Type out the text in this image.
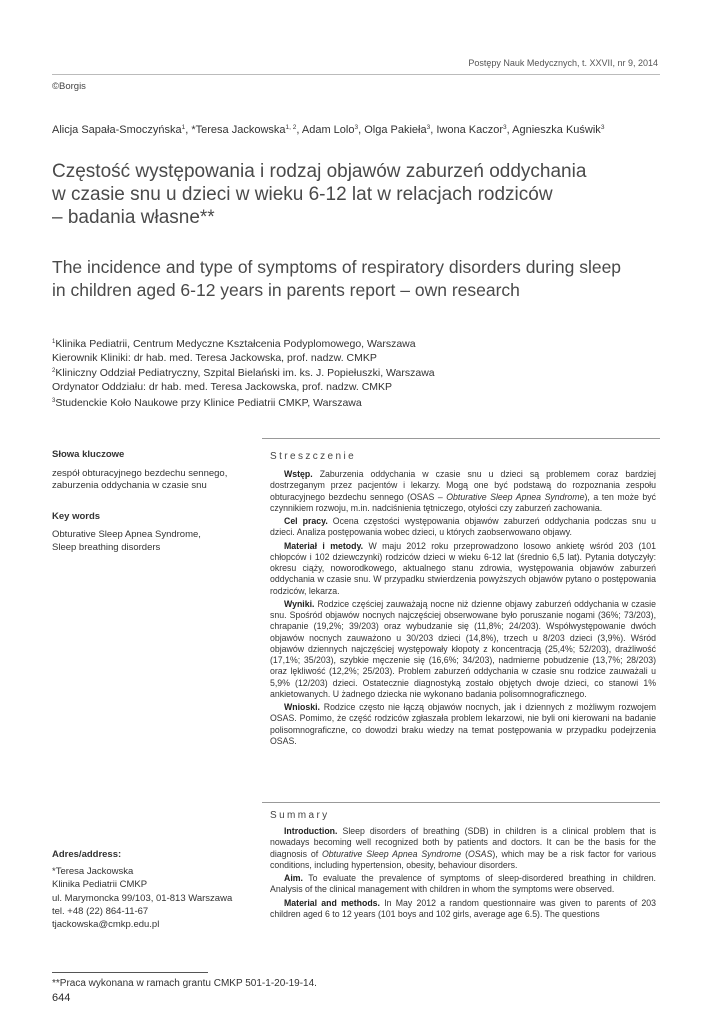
Postępy Nauk Medycznych, t. XXVII, nr 9, 2014
©Borgis
Alicja Sapała-Smoczyńska$^1$, *Teresa Jackowska$^{1, 2}$, Adam Lolo$^3$, Olga Pakieła$^3$, Iwona Kaczor$^3$, Agnieszka Kuświk$^3$
Częstość występowania i rodzaj objawów zaburzeń oddychania
w czasie snu u dzieci w wieku 6-12 lat w relacjach rodziców
– badania własne**
The incidence and type of symptoms of respiratory disorders during sleep
in children aged 6-12 years in parents report – own research
$^1$Klinika Pediatrii, Centrum Medyczne Kształcenia Podyplomowego, Warszawa
Kierownik Kliniki: dr hab. med. Teresa Jackowska, prof. nadzw. CMKP
$^2$Kliniczny Oddział Pediatryczny, Szpital Bielański im. ks. J. Popiełuszki, Warszawa
Ordynator Oddziału: dr hab. med. Teresa Jackowska, prof. nadzw. CMKP
$^3$Studenckie Koło Naukowe przy Klinice Pediatrii CMKP, Warszawa
Słowa kluczowe
zespół obturacyjnego bezdechu sennego,
zaburzenia oddychania w czasie snu
Key words
Obturative Sleep Apnea Syndrome,
Sleep breathing disorders
Adres/address:
*Teresa Jackowska
Klinika Pediatrii CMKP
ul. Marymoncka 99/103, 01-813 Warszawa
tel. +48 (22) 864-11-67
tjackowska@cmkp.edu.pl
Streszczenie

Wstęp. Zaburzenia oddychania w czasie snu u dzieci są problemem coraz bardziej dostrzeganym przez pacjentów i lekarzy. Mogą one być podstawą do rozpoznania zespołu obturacyjnego bezdechu sennego (OSAS – Obturative Sleep Apnea Syndrome), a ten może być czynnikiem rozwoju, m.in. nadciśnienia tętniczego, otyłości czy zaburzeń zachowania.

Cel pracy. Ocena częstości występowania objawów zaburzeń oddychania podczas snu u dzieci. Analiza postępowania wobec dzieci, u których zaobserwowano objawy.

Materiał i metody. W maju 2012 roku przeprowadzono losowo ankietę wśród 203 (101 chłopców i 102 dziewczynki) rodziców dzieci w wieku 6-12 lat (średnio 6,5 lat). Pytania dotyczyły: okresu ciąży, noworodkowego, aktualnego stanu zdrowia, występowania objawów zaburzeń oddychania w czasie snu. W przypadku stwierdzenia powyższych objawów pytano o postępowania rodziców, lekarza.

Wyniki. Rodzice częściej zauważają nocne niż dzienne objawy zaburzeń oddychania w czasie snu. Spośród objawów nocnych najczęściej obserwowane było poruszanie nogami (36%; 73/203), chrapanie (19,2%; 39/203) oraz wybudzanie się (11,8%; 24/203). Współwystępowanie dwóch objawów nocnych zauważono u 30/203 dzieci (14,8%), trzech u 8/203 dzieci (3,9%). Wśród objawów dziennych najczęściej występowały kłopoty z koncentracją (25,4%; 52/203), drażliwość (17,1%; 35/203), szybkie męczenie się (16,6%; 34/203), nadmierne pobudzenie (13,7%; 28/203) oraz lękliwość (12,2%; 25/203). Problem zaburzeń oddychania w czasie snu rodzice zauważali u 5,9% (12/203) dzieci. Ostatecznie diagnostyką zostało objętych dwoje dzieci, co stanowi 1% ankietowanych. U żadnego dziecka nie wykonano badania polisomnograficznego.

Wnioski. Rodzice często nie łączą objawów nocnych, jak i dziennych z możliwym rozwojem OSAS. Pomimo, że część rodziców zgłaszała problem lekarzowi, nie byli oni kierowani na badanie polisomnograficzne, co dowodzi braku wiedzy na temat postępowania w przypadku podejrzenia OSAS.

Summary

Introduction. Sleep disorders of breathing (SDB) in children is a clinical problem that is nowadays becoming well recognized both by patients and doctors. It can be the basis for the diagnosis of Obturative Sleep Apnea Syndrome (OSAS), which may be a risk factor for various conditions, including hypertension, obesity, behaviour disorders.

Aim. To evaluate the prevalence of symptoms of sleep-disordered breathing in children. Analysis of the clinical management with children in whom the symptoms were observed.

Material and methods. In May 2012 a random questionnaire was given to parents of 203 children aged 6 to 12 years (101 boys and 102 girls, average age 6.5). The questions

**Praca wykonana w ramach grantu CMKP 501-1-20-19-14.
644
